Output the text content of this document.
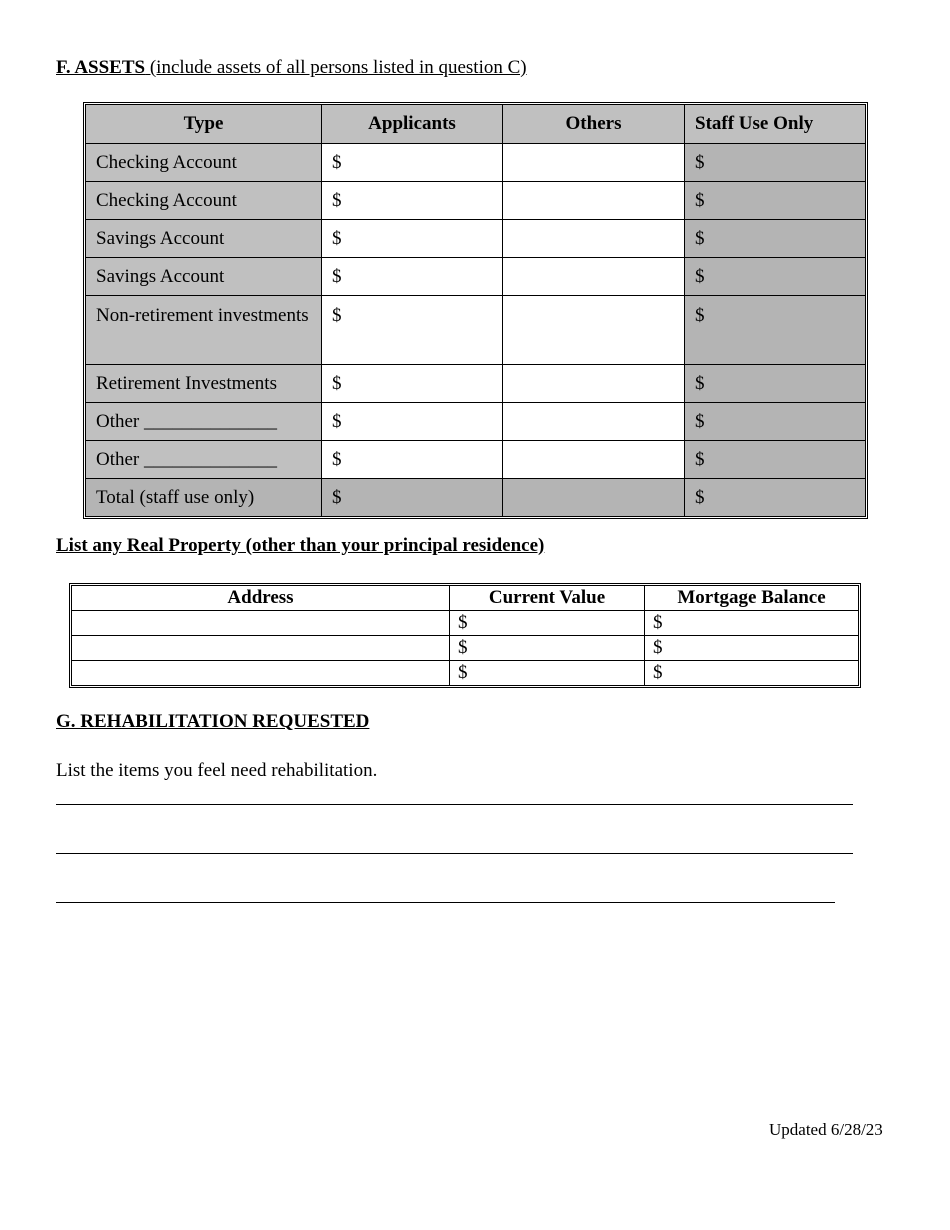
F. ASSETS (include assets of all persons listed in question C)
Type	Applicants	Others	Staff Use Only
Checking Account	$		$
Checking Account	$		$
Savings Account	$		$
Savings Account	$		$
Non-retirement investments	$		$
Retirement Investments	$		$
Other ______________	$		$
Other ______________	$		$
Total (staff use only)	$		$
List any Real Property (other than your principal residence)
Address	Current Value	Mortgage Balance
	$	$
	$	$
	$	$
G. REHABILITATION REQUESTED
List the items you feel need rehabilitation.
Updated 6/28/23
